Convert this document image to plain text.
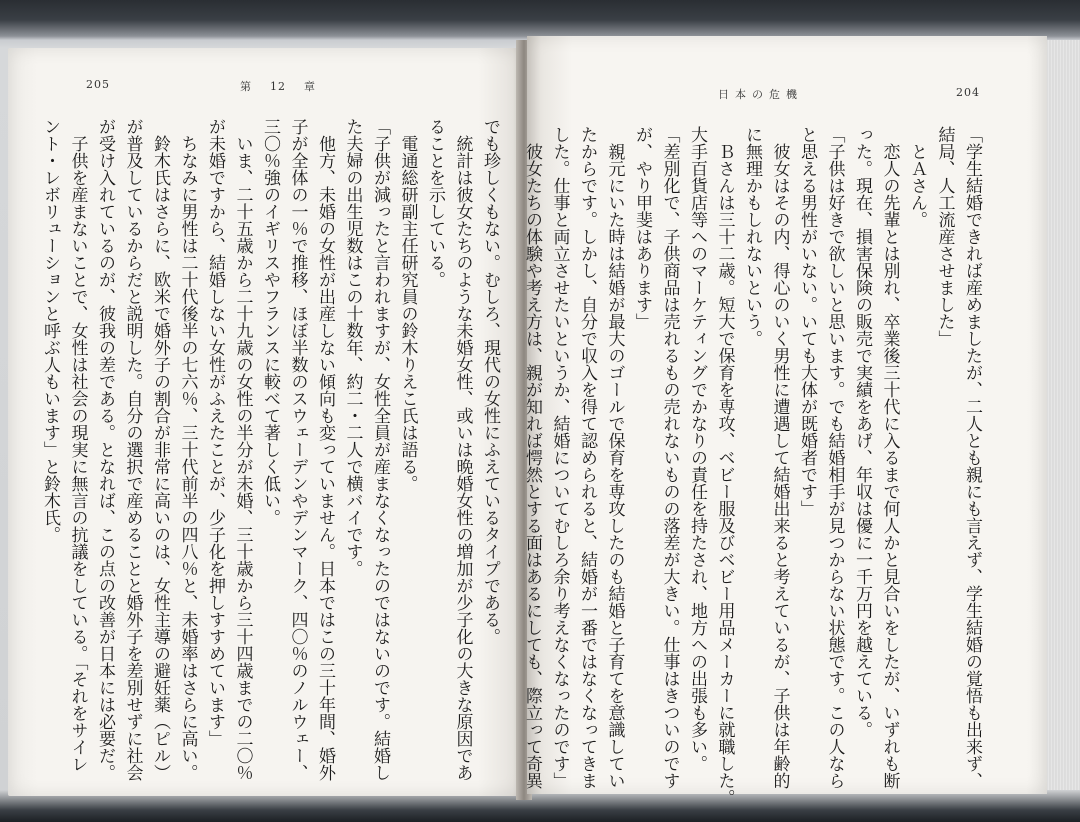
205	第 12 章
日本の危機	204
「学生結婚できれば産めましたが、二人とも親にも言えず、学生結婚の覚悟も出来ず、
結局、人工流産させました」
　とＡさん。
　恋人の先輩とは別れ、卒業後三十代に入るまで何人かと見合いをしたが、いずれも断
った。現在、損害保険の販売で実績をあげ、年収は優に一千万円を越えている。
「子供は好きで欲しいと思います。でも結婚相手が見つからない状態です。この人なら
と思える男性がいない。いても大体が既婚者です」
　彼女はその内、得心のいく男性に遭遇して結婚出来ると考えているが、子供は年齢的
に無理かもしれないという。
　Ｂさんは三十二歳。短大で保育を専攻、ベビー服及びベビー用品メーカーに就職した。
大手百貨店等へのマーケティングでかなりの責任を持たされ、地方への出張も多い。
「差別化で、子供商品は売れるもの売れないものの落差が大きい。仕事はきついのです
が、やり甲斐はあります」
　親元にいた時は結婚が最大のゴールで保育を専攻したのも結婚と子育てを意識してい
たからです。しかし、自分で収入を得て認められると、結婚が一番ではなくなってきま
した。仕事と両立させたいというか、結婚についてむしろ余り考えなくなったのです」
　彼女たちの体験や考え方は、親が知れば愕然とする面はあるにしても、際立って奇異
でも珍しくもない。むしろ、現代の女性にふえているタイプである。
　統計は彼女たちのような未婚女性、或いは晩婚女性の増加が少子化の大きな原因であ
ることを示している。
　電通総研副主任研究員の鈴木りえこ氏は語る。
「子供が減ったと言われますが、女性全員が産まなくなったのではないのです。結婚し
た夫婦の出生児数はこの十数年、約二・二人で横バイです。
　他方、未婚の女性が出産しない傾向も変っていません。日本ではこの三十年間、婚外
子が全体の一％で推移、ほぼ半数のスウェーデンやデンマーク、四〇％のノルウェー、
三〇％強のイギリスやフランスに較べて著しく低い。
　いま、二十五歳から二十九歳の女性の半分が未婚、三十歳から三十四歳までの二〇％
が未婚ですから、結婚しない女性がふえたことが、少子化を押しすすめています」
　ちなみに男性は二十代後半の七六％、三十代前半の四八％と、未婚率はさらに高い。
　鈴木氏はさらに、欧米で婚外子の割合が非常に高いのは、女性主導の避妊薬（ピル）
が普及しているからだと説明した。自分の選択で産めることと婚外子を差別せずに社会
が受け入れているのが、彼我の差である。となれば、この点の改善が日本には必要だ。
　子供を産まないことで、女性は社会の現実に無言の抗議をしている。「それをサイレ
ント・レボリューションと呼ぶ人もいます」と鈴木氏。
